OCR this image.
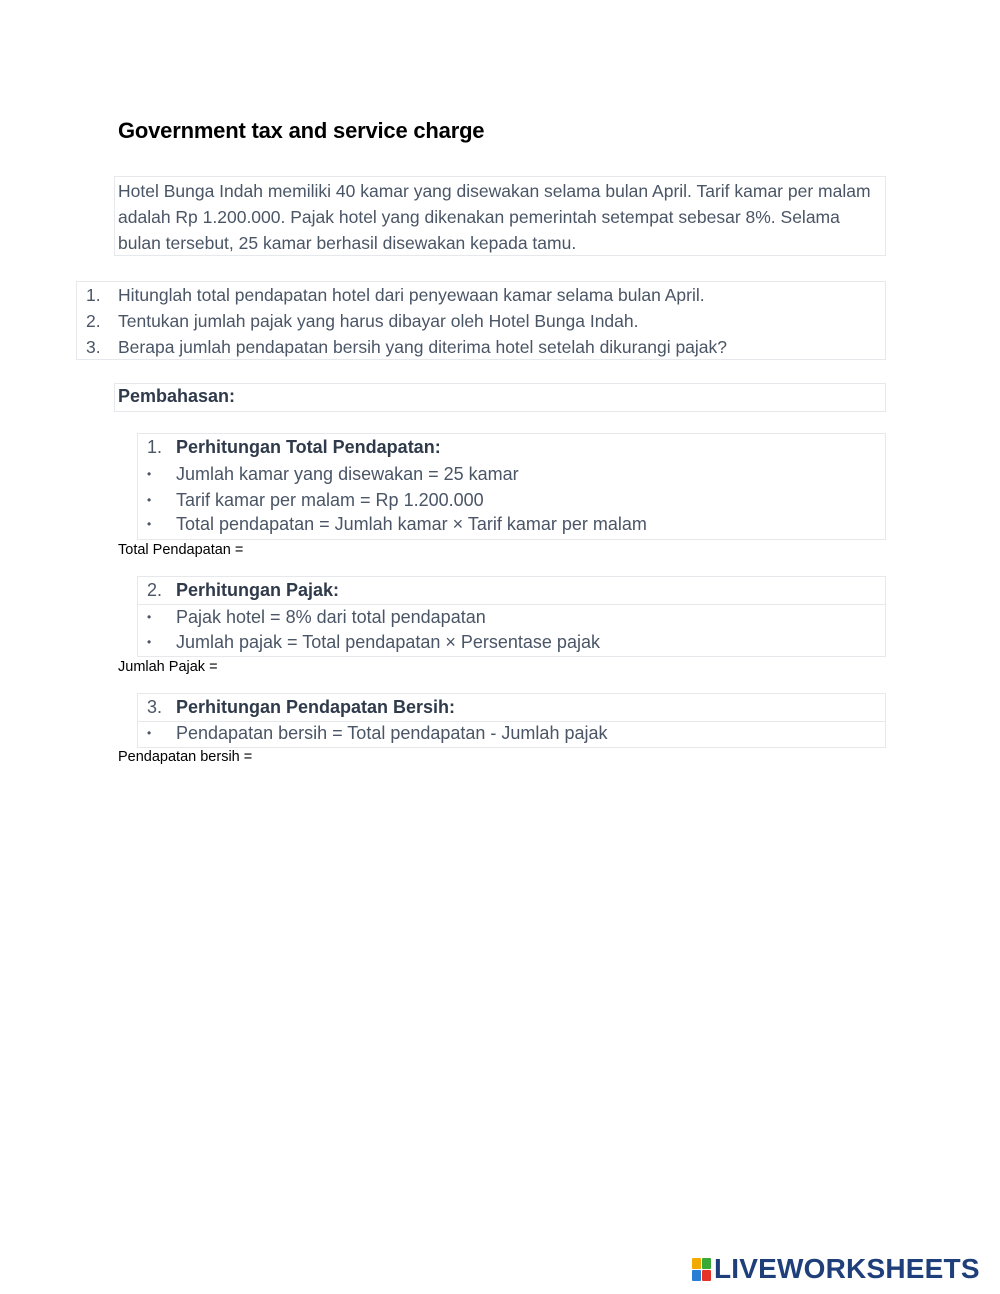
Government tax and service charge
Hotel Bunga Indah memiliki 40 kamar yang disewakan selama bulan April. Tarif kamar per malam adalah Rp 1.200.000. Pajak hotel yang dikenakan pemerintah setempat sebesar 8%. Selama bulan tersebut, 25 kamar berhasil disewakan kepada tamu.
1. Hitunglah total pendapatan hotel dari penyewaan kamar selama bulan April.
2. Tentukan jumlah pajak yang harus dibayar oleh Hotel Bunga Indah.
3. Berapa jumlah pendapatan bersih yang diterima hotel setelah dikurangi pajak?
Pembahasan:
1. Perhitungan Total Pendapatan:
• Jumlah kamar yang disewakan = 25 kamar
• Tarif kamar per malam = Rp 1.200.000
• Total pendapatan = Jumlah kamar × Tarif kamar per malam
Total Pendapatan =
2. Perhitungan Pajak:
• Pajak hotel = 8% dari total pendapatan
• Jumlah pajak = Total pendapatan × Persentase pajak
Jumlah Pajak =
3. Perhitungan Pendapatan Bersih:
• Pendapatan bersih = Total pendapatan - Jumlah pajak
Pendapatan bersih =
LIVEWORKSHEETS
